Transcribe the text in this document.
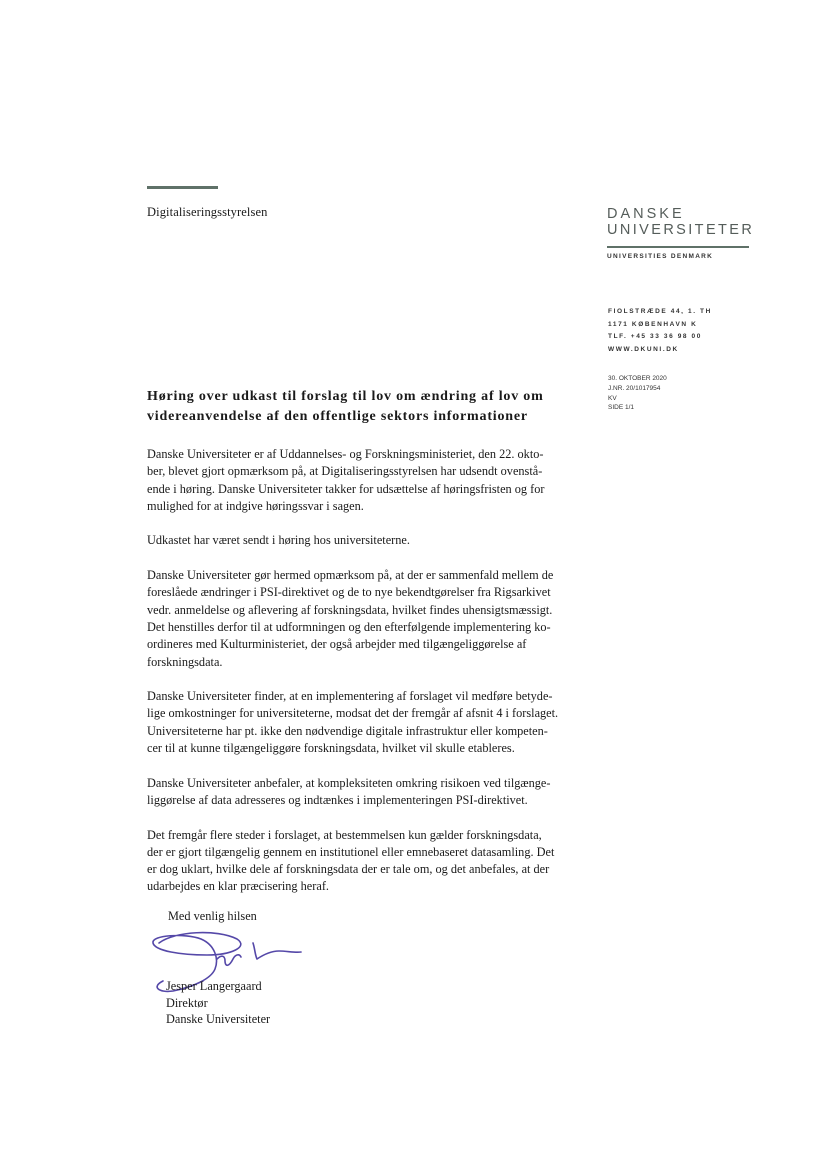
Digitaliseringsstyrelsen	DANSKE
UNIVERSITETER
UNIVERSITIES DENMARK
FIOLSTRÆDE 44, 1. TH
1171 KØBENHAVN K
TLF. +45 33 36 98 00
WWW.DKUNI.DK
30. OKTOBER 2020
J.NR. 20/1017954
KV
SIDE 1/1
Høring over udkast til forslag til lov om ændring af lov om
videreanvendelse af den offentlige sektors informationer
Danske Universiteter er af Uddannelses- og Forskningsministeriet, den 22. okto-
ber, blevet gjort opmærksom på, at Digitaliseringsstyrelsen har udsendt ovenstå-
ende i høring. Danske Universiteter takker for udsættelse af høringsfristen og for
mulighed for at indgive høringssvar i sagen.
Udkastet har været sendt i høring hos universiteterne.
Danske Universiteter gør hermed opmærksom på, at der er sammenfald mellem de
foreslåede ændringer i PSI-direktivet og de to nye bekendtgørelser fra Rigsarkivet
vedr. anmeldelse og aflevering af forskningsdata, hvilket findes uhensigtsmæssigt.
Det henstilles derfor til at udformningen og den efterfølgende implementering ko-
ordineres med Kulturministeriet, der også arbejder med tilgængeliggørelse af
forskningsdata.
Danske Universiteter finder, at en implementering af forslaget vil medføre betyde-
lige omkostninger for universiteterne, modsat det der fremgår af afsnit 4 i forslaget.
Universiteterne har pt. ikke den nødvendige digitale infrastruktur eller kompeten-
cer til at kunne tilgængeliggøre forskningsdata, hvilket vil skulle etableres.
Danske Universiteter anbefaler, at kompleksiteten omkring risikoen ved tilgænge-
liggørelse af data adresseres og indtænkes i implementeringen PSI-direktivet.
Det fremgår flere steder i forslaget, at bestemmelsen kun gælder forskningsdata,
der er gjort tilgængelig gennem en institutionel eller emnebaseret datasamling. Det
er dog uklart, hvilke dele af forskningsdata der er tale om, og det anbefales, at der
udarbejdes en klar præcisering heraf.
Med venlig hilsen
Jesper Langergaard
Direktør
Danske Universiteter
